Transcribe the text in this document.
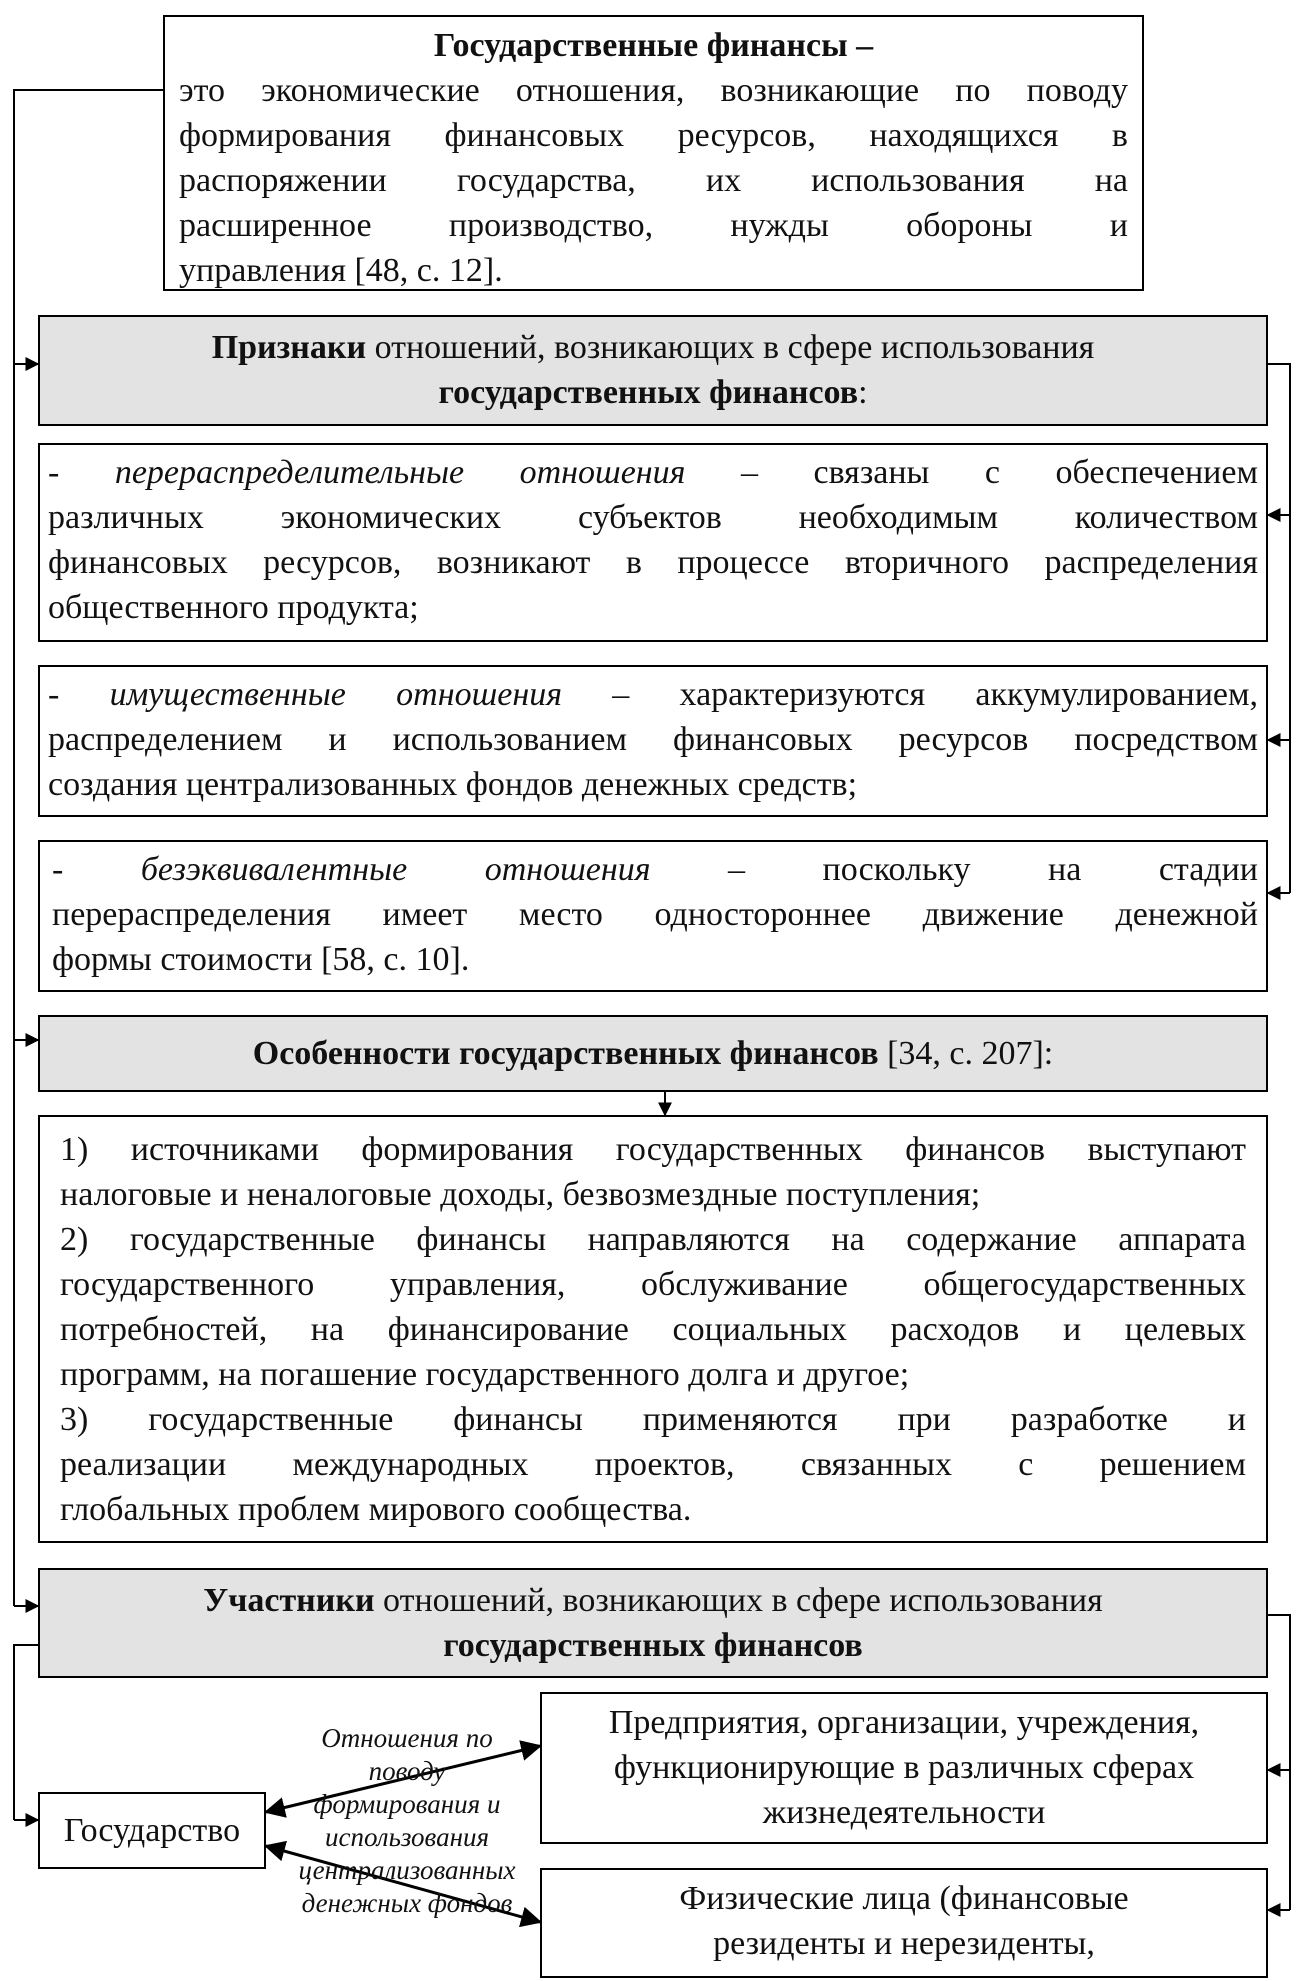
Государственные финансы –
это экономические отношения, возникающие по поводу
формирования финансовых ресурсов, находящихся в
распоряжении государства, их использования на
расширенное производство, нужды обороны и
управления [48, с. 12].
Признаки отношений, возникающих в сфере использования
государственных финансов:
- перераспределительные отношения – связаны с обеспечением
различных экономических субъектов необходимым количеством
финансовых ресурсов, возникают в процессе вторичного распределения
общественного продукта;
- имущественные отношения – характеризуются аккумулированием,
распределением и использованием финансовых ресурсов посредством
создания централизованных фондов денежных средств;
- безэквивалентные отношения – поскольку на стадии
перераспределения имеет место одностороннее движение денежной
формы стоимости [58, с. 10].
Особенности государственных финансов [34, с. 207]:
1) источниками формирования государственных финансов выступают
налоговые и неналоговые доходы, безвозмездные поступления;
2) государственные финансы направляются на содержание аппарата
государственного управления, обслуживание общегосударственных
потребностей, на финансирование социальных расходов и целевых
программ, на погашение государственного долга и другое;
3) государственные финансы применяются при разработке и
реализации международных проектов, связанных с решением
глобальных проблем мирового сообщества.
Участники отношений, возникающих в сфере использования
государственных финансов
Государство
Предприятия, организации, учреждения,
функционирующие в различных сферах
жизнедеятельности
Физические лица (финансовые
резиденты и нерезиденты,
Отношения по
поводу
формирования и
использования
централизованных
денежных фондов
